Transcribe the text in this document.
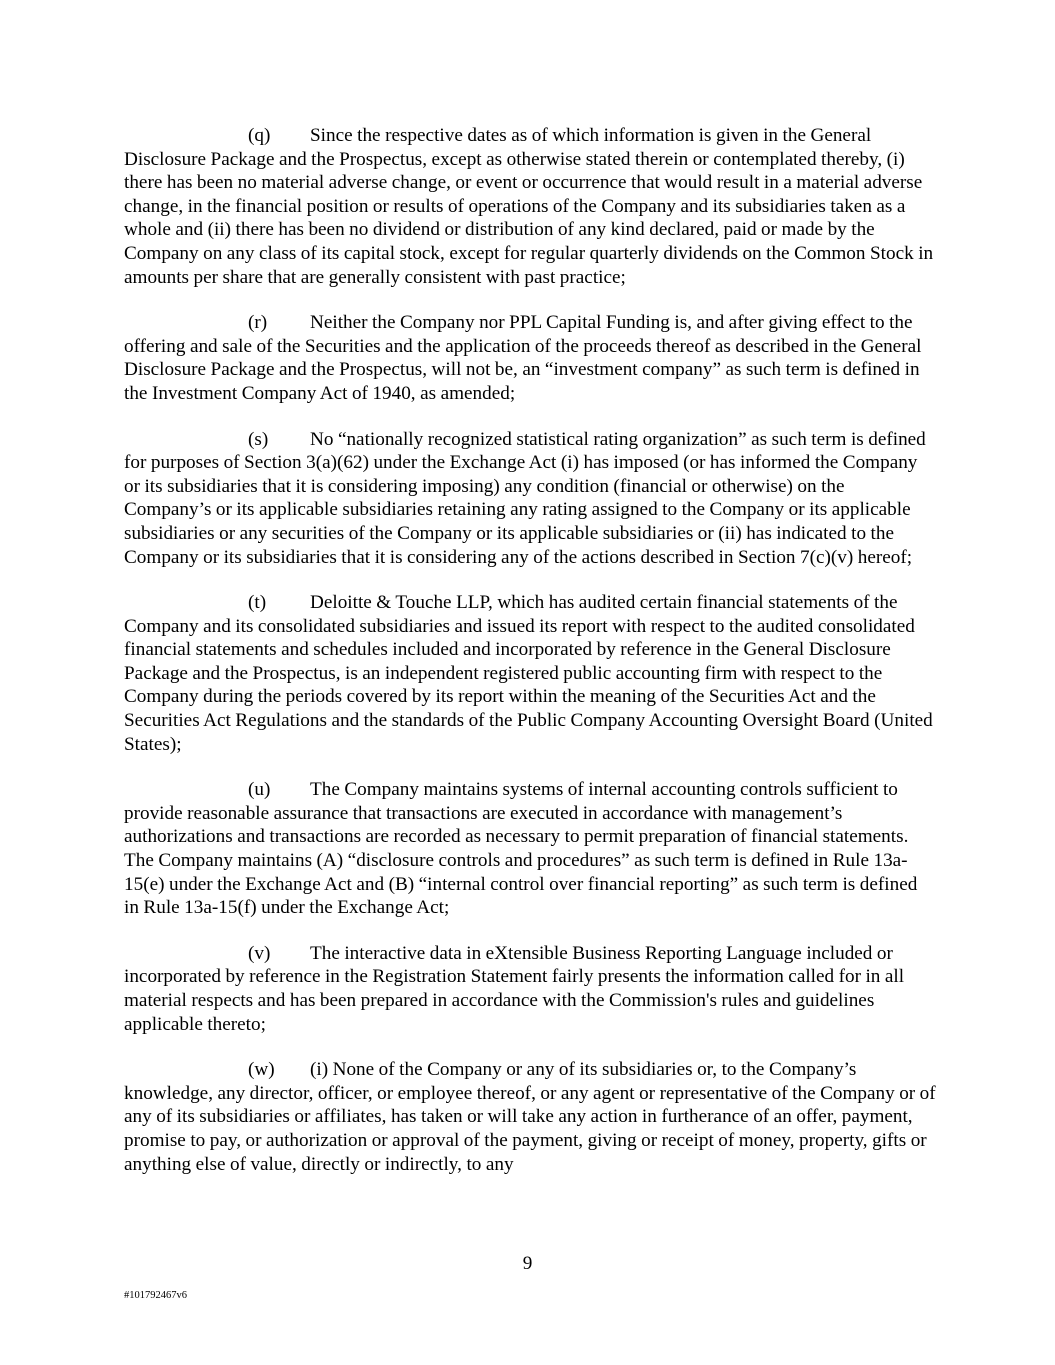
(q) Since the respective dates as of which information is given in the General Disclosure Package and the Prospectus, except as otherwise stated therein or contemplated thereby, (i) there has been no material adverse change, or event or occurrence that would result in a material adverse change, in the financial position or results of operations of the Company and its subsidiaries taken as a whole and (ii) there has been no dividend or distribution of any kind declared, paid or made by the Company on any class of its capital stock, except for regular quarterly dividends on the Common Stock in amounts per share that are generally consistent with past practice;

(r) Neither the Company nor PPL Capital Funding is, and after giving effect to the offering and sale of the Securities and the application of the proceeds thereof as described in the General Disclosure Package and the Prospectus, will not be, an “investment company” as such term is defined in the Investment Company Act of 1940, as amended;

(s) No “nationally recognized statistical rating organization” as such term is defined for purposes of Section 3(a)(62) under the Exchange Act (i) has imposed (or has informed the Company or its subsidiaries that it is considering imposing) any condition (financial or otherwise) on the Company’s or its applicable subsidiaries retaining any rating assigned to the Company or its applicable subsidiaries or any securities of the Company or its applicable subsidiaries or (ii) has indicated to the Company or its subsidiaries that it is considering any of the actions described in Section 7(c)(v) hereof;

(t) Deloitte & Touche LLP, which has audited certain financial statements of the Company and its consolidated subsidiaries and issued its report with respect to the audited consolidated financial statements and schedules included and incorporated by reference in the General Disclosure Package and the Prospectus, is an independent registered public accounting firm with respect to the Company during the periods covered by its report within the meaning of the Securities Act and the Securities Act Regulations and the standards of the Public Company Accounting Oversight Board (United States);

(u) The Company maintains systems of internal accounting controls sufficient to provide reasonable assurance that transactions are executed in accordance with management’s authorizations and transactions are recorded as necessary to permit preparation of financial statements. The Company maintains (A) “disclosure controls and procedures” as such term is defined in Rule 13a-15(e) under the Exchange Act and (B) “internal control over financial reporting” as such term is defined in Rule 13a-15(f) under the Exchange Act;

(v) The interactive data in eXtensible Business Reporting Language included or incorporated by reference in the Registration Statement fairly presents the information called for in all material respects and has been prepared in accordance with the Commission's rules and guidelines applicable thereto;

(w) (i) None of the Company or any of its subsidiaries or, to the Company’s knowledge, any director, officer, or employee thereof, or any agent or representative of the Company or of any of its subsidiaries or affiliates, has taken or will take any action in furtherance of an offer, payment, promise to pay, or authorization or approval of the payment, giving or receipt of money, property, gifts or anything else of value, directly or indirectly, to any

9
#101792467v6
